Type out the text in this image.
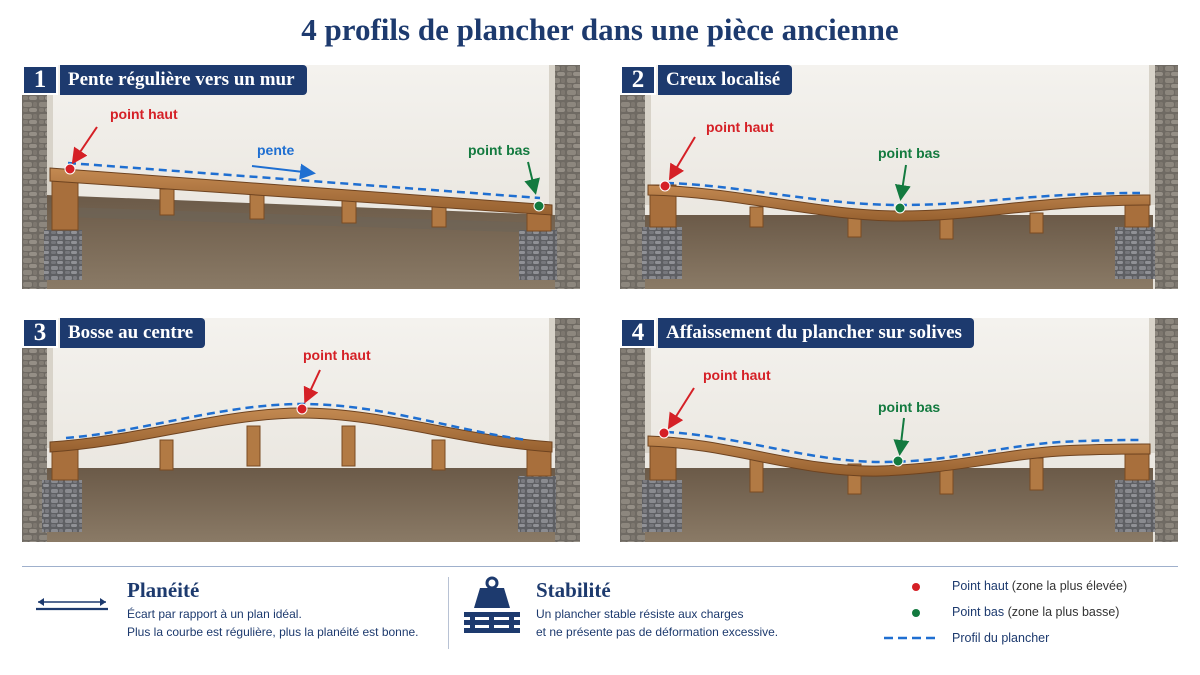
4 profils de plancher dans une pièce ancienne
1	Pente régulière vers un mur
point haut
pente	point bas
2	Creux localisé
point haut
point bas
3	Bosse au centre
point haut
4	Affaissement du plancher sur solives
point haut
point bas
Planéité
Écart par rapport à un plan idéal.
Plus la courbe est régulière, plus la planéité est bonne.
Stabilité
Un plancher stable résiste aux charges
et ne présente pas de déformation excessive.
Point haut (zone la plus élevée)
Point bas (zone la plus basse)
Profil du plancher
